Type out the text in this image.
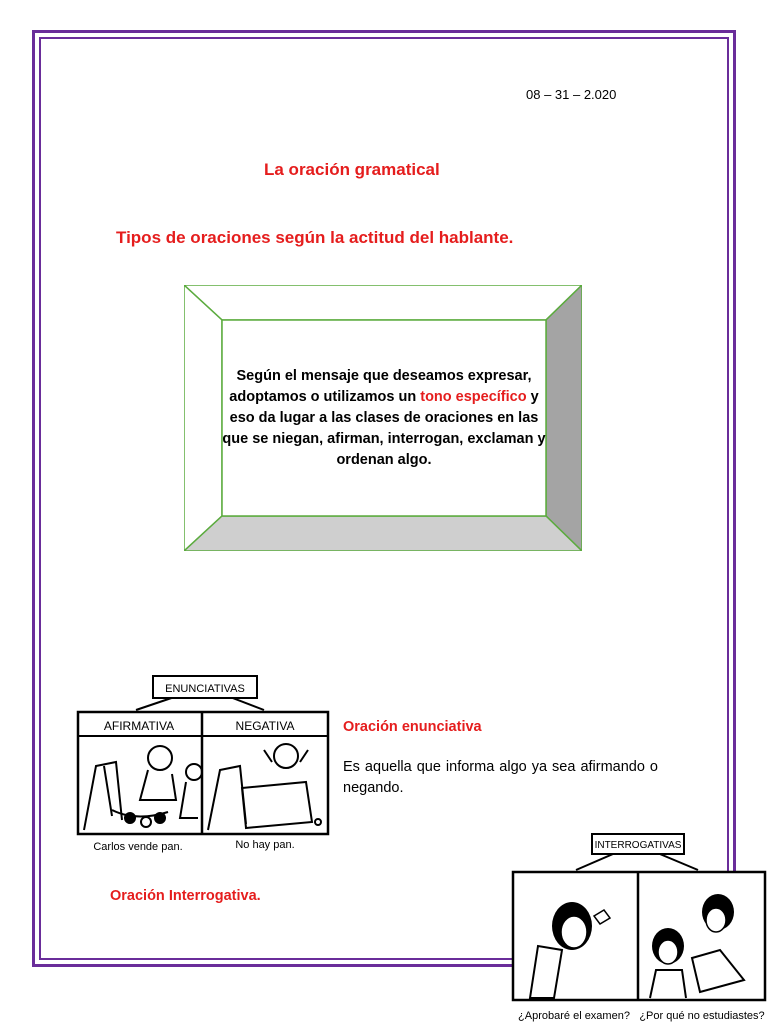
08 – 31 – 2.020
La oración gramatical
Tipos de oraciones según la actitud del hablante.
Según el mensaje que deseamos expresar, adoptamos o utilizamos un tono específico y eso da lugar a las clases de oraciones en las que se niegan, afirman, interrogan, exclaman y ordenan algo.
ENUNCIATIVAS
AFIRMATIVA	NEGATIVA
Carlos vende pan.	No hay pan.
Oración enunciativa
Es aquella que informa algo ya sea afirmando o negando.
Oración Interrogativa.
INTERROGATIVAS
¿Aprobaré el examen? ¿Por qué no estudiastes?
